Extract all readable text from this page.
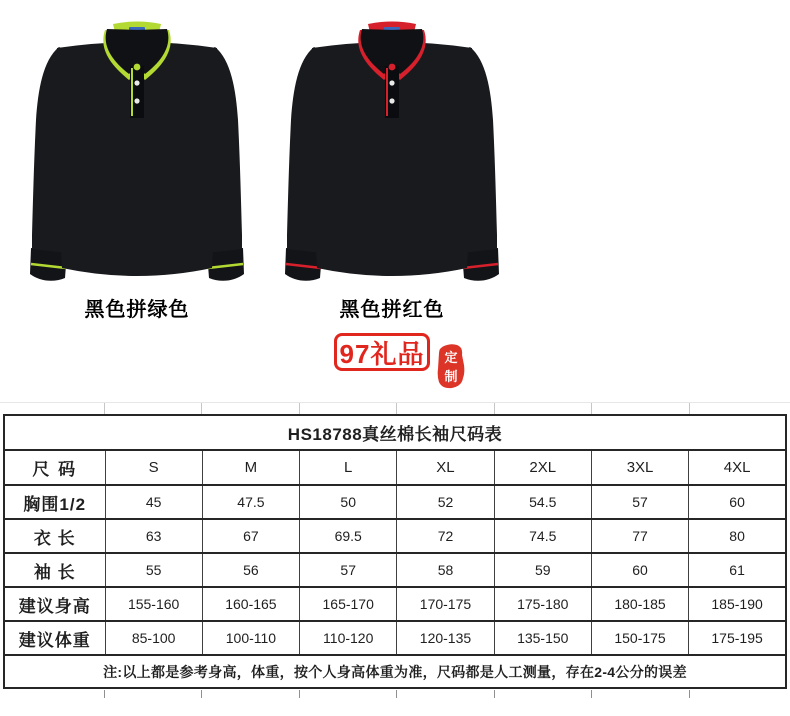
黑色拼绿色	黑色拼红色
97礼品 定
制
HS18788真丝棉长袖尺码表							
尺 码	S	M	L	XL	2XL	3XL	4XL
胸围1/2	45	47.5	50	52	54.5	57	60
衣 长	63	67	69.5	72	74.5	77	80
袖 长	55	56	57	58	59	60	61
建议身高	155-160	160-165	165-170	170-175	175-180	180-185	185-190
建议体重	85-100	100-110	110-120	120-135	135-150	150-175	175-195
注:以上都是参考身高，体重，按个人身高体重为准，尺码都是人工测量，存在2-4公分的误差							
